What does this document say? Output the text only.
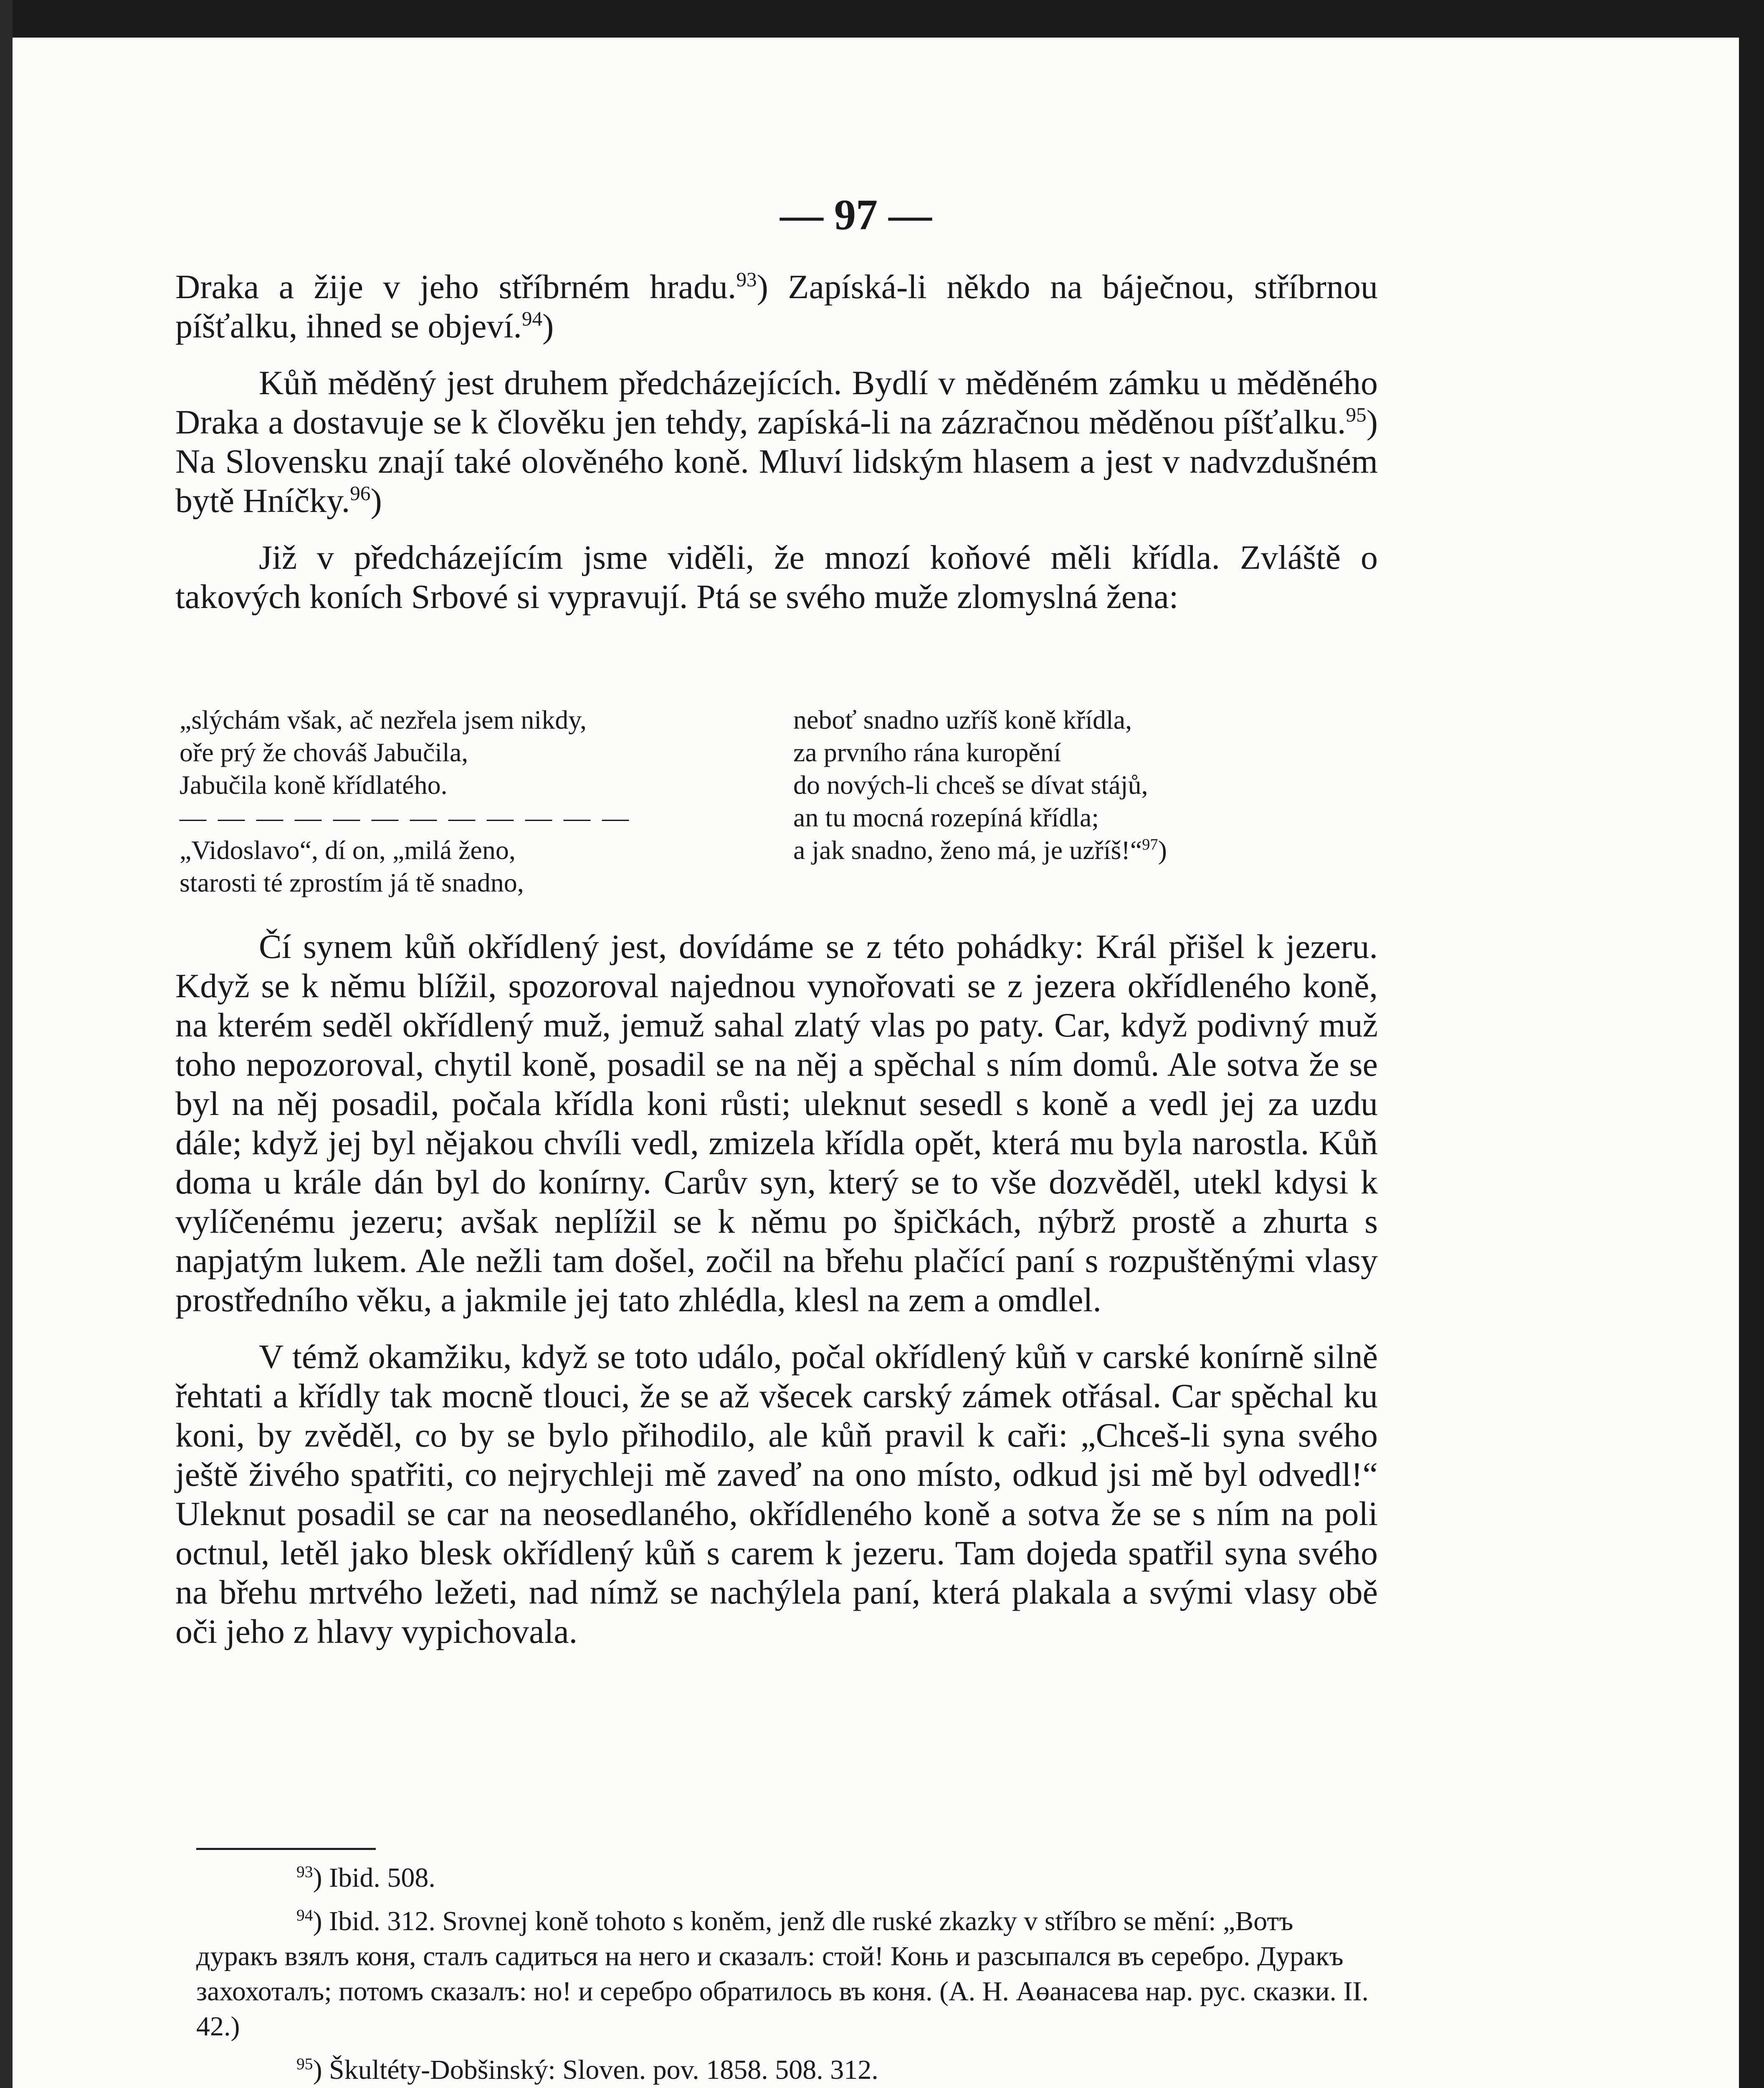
— 97 —

Draka a žije v jeho stříbrném hradu.$^{93}$) Zapíská-li někdo na báječnou, stříbrnou píšťalku, ihned se objeví.$^{94}$)

Kůň měděný jest druhem předcházejících. Bydlí v měděném zámku u měděného Draka a dostavuje se k člověku jen tehdy, zapíská-li na zázračnou měděnou píšťalku.$^{95}$) Na Slovensku znají také olověného koně. Mluví lidským hlasem a jest v nadvzdušném bytě Hníčky.$^{96}$)

Již v předcházejícím jsme viděli, že mnozí koňové měli křídla. Zvláště o takových koních Srbové si vypravují. Ptá se svého muže zlomyslná žena:

„slýchám však, ač nezřela jsem nikdy,

oře prý že chováš Jabučila,

Jabučila koně křídlatého.

— — — — — — — — — — — —

„Vidoslavo“, dí on, „milá ženo,

starosti té zprostím já tě snadno,

neboť snadno uzříš koně křídla,

za prvního rána kuropění

do nových-li chceš se dívat stájů,

an tu mocná rozepíná křídla;

a jak snadno, ženo má, je uzříš!“$^{97}$)

Čí synem kůň okřídlený jest, dovídáme se z této pohádky: Král přišel k jezeru. Když se k němu blížil, spozoroval najednou vynořovati se z jezera okřídleného koně, na kterém seděl okřídlený muž, jemuž sahal zlatý vlas po paty. Car, když podivný muž toho nepozoroval, chytil koně, posadil se na něj a spěchal s ním domů. Ale sotva že se byl na něj posadil, počala křídla koni růsti; uleknut sesedl s koně a vedl jej za uzdu dále; když jej byl nějakou chvíli vedl, zmizela křídla opět, která mu byla narostla. Kůň doma u krále dán byl do konírny. Carův syn, který se to vše dozvěděl, utekl kdysi k vylíčenému jezeru; avšak neplížil se k němu po špičkách, nýbrž prostě a zhurta s napjatým lukem. Ale nežli tam došel, zočil na břehu plačící paní s rozpuštěnými vlasy prostředního věku, a jakmile jej tato zhlédla, klesl na zem a omdlel.

V témž okamžiku, když se toto událo, počal okřídlený kůň v carské konírně silně řehtati a křídly tak mocně tlouci, že se až všecek carský zámek otřásal. Car spěchal ku koni, by zvěděl, co by se bylo přihodilo, ale kůň pravil k caři: „Chceš-li syna svého ještě živého spatřiti, co nejrychleji mě zaveď na ono místo, odkud jsi mě byl odvedl!“ Uleknut posadil se car na neosedlaného, okřídleného koně a sotva že se s ním na poli octnul, letěl jako blesk okřídlený kůň s carem k jezeru. Tam dojeda spatřil syna svého na břehu mrtvého ležeti, nad nímž se nachýlela paní, která plakala a svými vlasy obě oči jeho z hlavy vypichovala.

$^{93}$) Ibid. 508.

$^{94}$) Ibid. 312. Srovnej koně tohoto s koněm, jenž dle ruské zkazky v stříbro se mění: „Вотъ дуракъ взялъ коня, сталъ садиться на него и сказалъ: стой! Конь и разсыпался въ серебро. Дуракъ захохоталъ; потомъ сказалъ: но! и серебро обратилось въ коня. (А. Н. Аөанасева нар. рус. сказки. II. 42.)

$^{95}$) Škultéty-Dobšinský: Sloven. pov. 1858. 508. 312.
